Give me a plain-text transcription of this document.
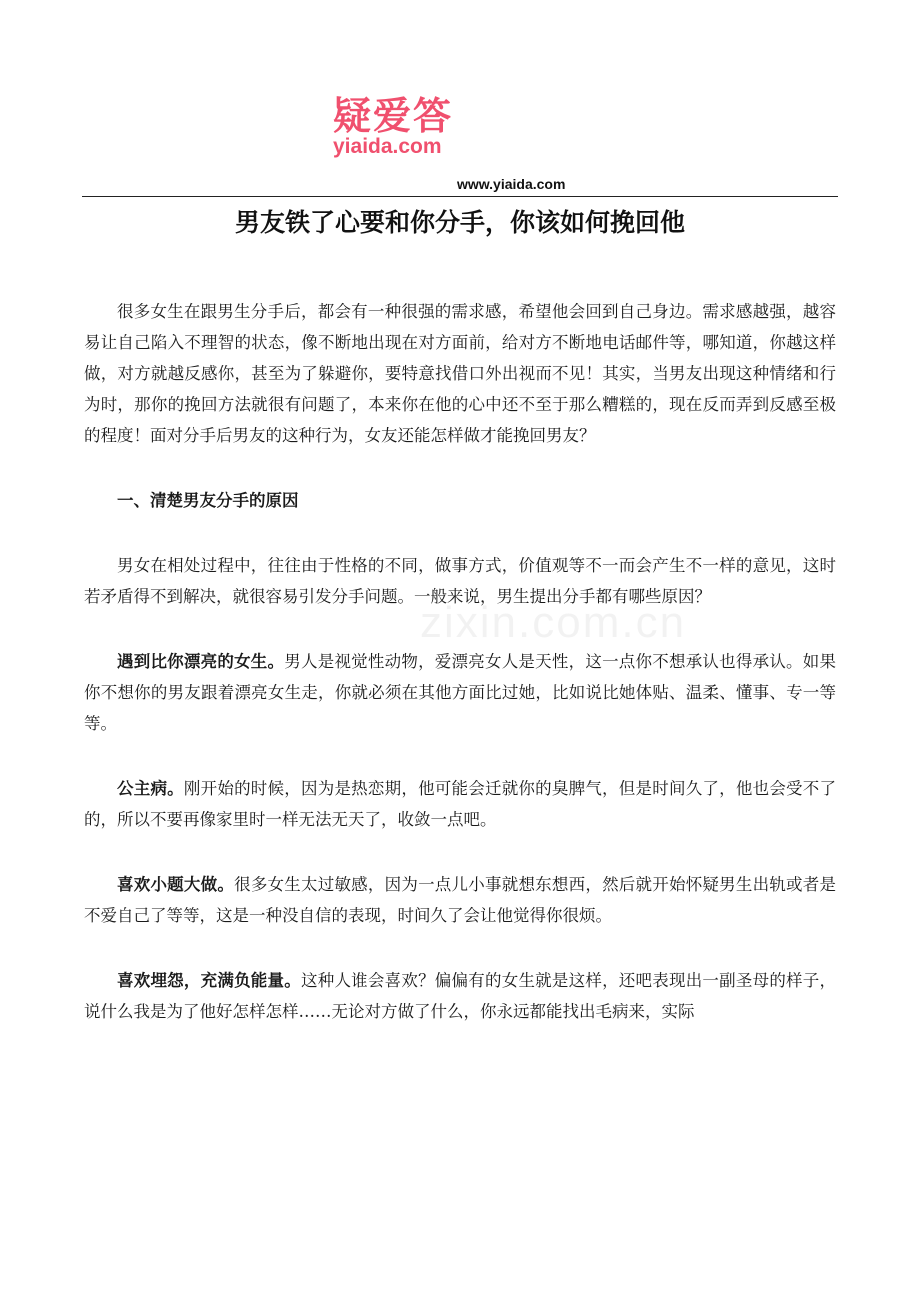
疑爱答
yiaida.com
www.yiaida.com
男友铁了心要和你分手，你该如何挽回他
zixin.com.cn

很多女生在跟男生分手后，都会有一种很强的需求感，希望他会回到自己身边。需求感越强，越容易让自己陷入不理智的状态，像不断地出现在对方面前，给对方不断地电话邮件等，哪知道，你越这样做，对方就越反感你，甚至为了躲避你，要特意找借口外出视而不见！其实，当男友出现这种情绪和行为时，那你的挽回方法就很有问题了，本来你在他的心中还不至于那么糟糕的，现在反而弄到反感至极的程度！面对分手后男友的这种行为，女友还能怎样做才能挽回男友？

一、清楚男友分手的原因

男女在相处过程中，往往由于性格的不同，做事方式，价值观等不一而会产生不一样的意见，这时若矛盾得不到解决，就很容易引发分手问题。一般来说，男生提出分手都有哪些原因？

遇到比你漂亮的女生。男人是视觉性动物，爱漂亮女人是天性，这一点你不想承认也得承认。如果你不想你的男友跟着漂亮女生走，你就必须在其他方面比过她，比如说比她体贴、温柔、懂事、专一等等。

公主病。刚开始的时候，因为是热恋期，他可能会迁就你的臭脾气，但是时间久了，他也会受不了的，所以不要再像家里时一样无法无天了，收敛一点吧。

喜欢小题大做。很多女生太过敏感，因为一点儿小事就想东想西，然后就开始怀疑男生出轨或者是不爱自己了等等，这是一种没自信的表现，时间久了会让他觉得你很烦。

喜欢埋怨，充满负能量。这种人谁会喜欢？偏偏有的女生就是这样，还吧表现出一副圣母的样子，说什么我是为了他好怎样怎样……无论对方做了什么，你永远都能找出毛病来，实际
